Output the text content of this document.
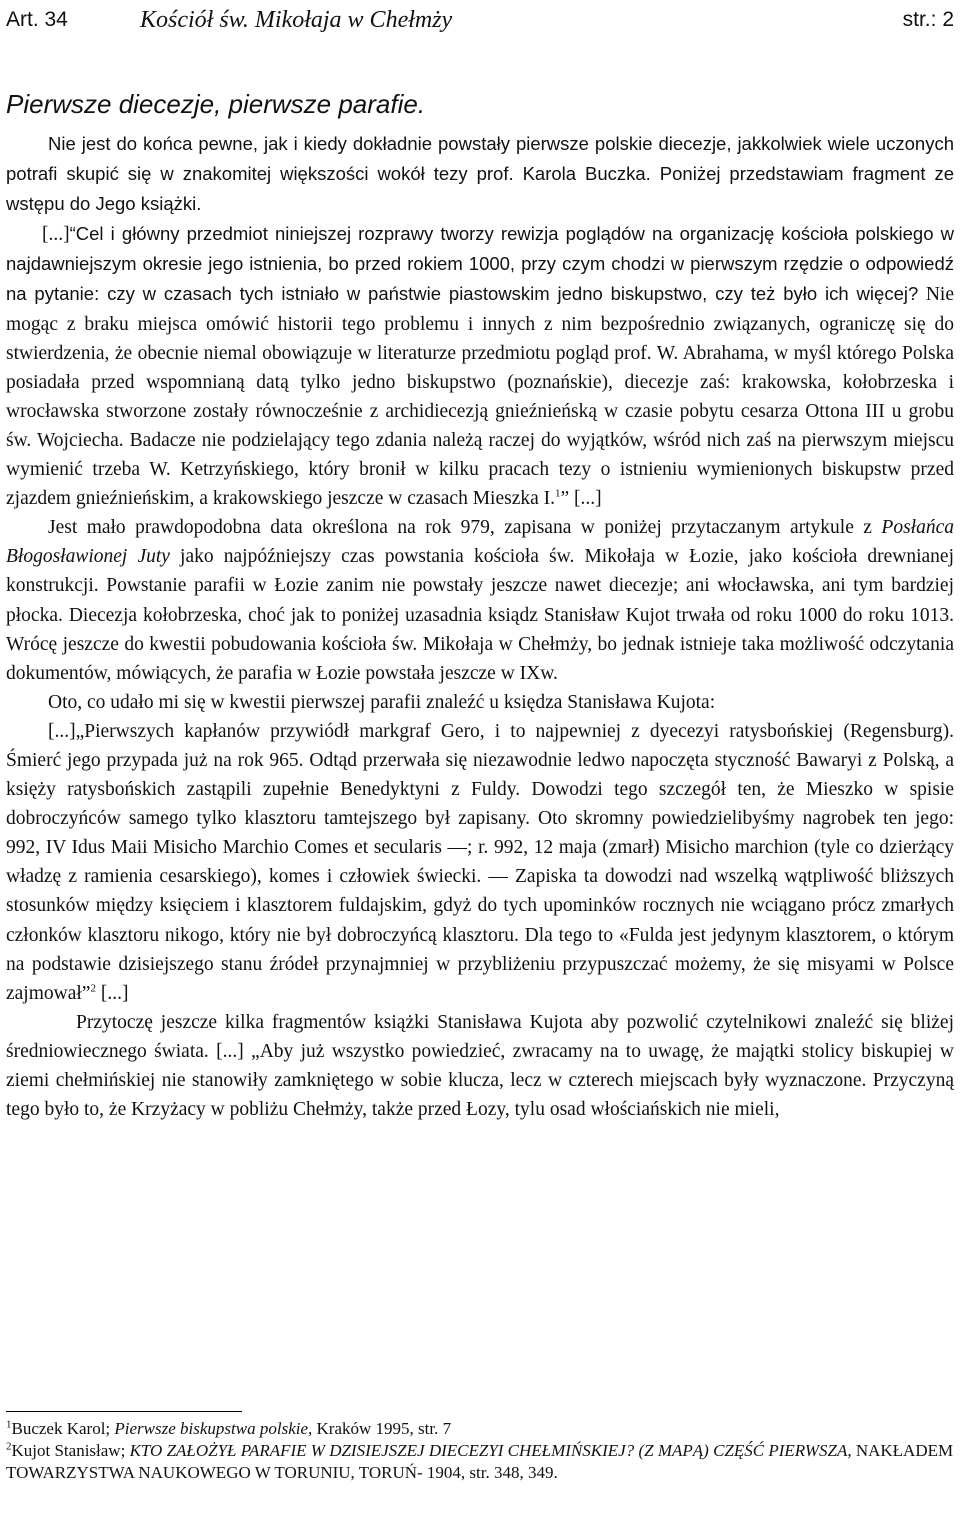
Art. 34	Kościół św. Mikołaja w Chełmży	str.: 2
Pierwsze diecezje, pierwsze parafie.

Nie jest do końca pewne, jak i kiedy dokładnie powstały pierwsze polskie diecezje, jakkolwiek wiele uczonych potrafi skupić się w znakomitej większości wokół tezy prof. Karola Buczka. Poniżej przedstawiam fragment ze wstępu do Jego książki.

[...]“Cel i główny przedmiot niniejszej rozprawy tworzy rewizja poglądów na organizację kościoła polskiego w najdawniejszym okresie jego istnienia, bo przed rokiem 1000, przy czym chodzi w pierwszym rzędzie o odpowiedź na pytanie: czy w czasach tych istniało w państwie piastowskim jedno biskupstwo, czy też było ich więcej? Nie mogąc z braku miejsca omówić historii tego problemu i innych z nim bezpośrednio związanych, ograniczę się do stwierdzenia, że obecnie niemal obowiązuje w literaturze przedmiotu pogląd prof. W. Abrahama, w myśl którego Polska posiadała przed wspomnianą datą tylko jedno biskupstwo (poznańskie), diecezje zaś: krakowska, kołobrzeska i wrocławska stworzone zostały równocześnie z archidiecezją gnieźnieńską w czasie pobytu cesarza Ottona III u grobu św. Wojciecha. Badacze nie podzielający tego zdania należą raczej do wyjątków, wśród nich zaś na pierwszym miejscu wymienić trzeba W. Ketrzyńskiego, który bronił w kilku pracach tezy o istnieniu wymienionych biskupstw przed zjazdem gnieźnieńskim, a krakowskiego jeszcze w czasach Mieszka I.$^1$” [...]

Jest mało prawdopodobna data określona na rok 979, zapisana w poniżej przytaczanym artykule z Posłańca Błogosławionej Juty jako najpóźniejszy czas powstania kościoła św. Mikołaja w Łozie, jako kościoła drewnianej konstrukcji. Powstanie parafii w Łozie zanim nie powstały jeszcze nawet diecezje; ani włocławska, ani tym bardziej płocka. Diecezja kołobrzeska, choć jak to poniżej uzasadnia ksiądz Stanisław Kujot trwała od roku 1000 do roku 1013. Wrócę jeszcze do kwestii pobudowania kościoła św. Mikołaja w Chełmży, bo jednak istnieje taka możliwość odczytania dokumentów, mówiących, że parafia w Łozie powstała jeszcze w IXw.

Oto, co udało mi się w kwestii pierwszej parafii znaleźć u księdza Stanisława Kujota:

[...]„Pierwszych kapłanów przywiódł markgraf Gero, i to najpewniej z dyecezyi ratysbońskiej (Regensburg). Śmierć jego przypada już na rok 965. Odtąd przerwała się niezawodnie ledwo napoczęta styczność Bawaryi z Polską, a księży ratysbońskich zastąpili zupełnie Benedyktyni z Fuldy. Dowodzi tego szczegół ten, że Mieszko w spisie dobroczyńców samego tylko klasztoru tamtejszego był zapisany. Oto skromny powiedzielibyśmy nagrobek ten jego: 992, IV Idus Maii Misicho Marchio Comes et secularis —; r. 992, 12 maja (zmarł) Misicho marchion (tyle co dzierżący władzę z ramienia cesarskiego), komes i człowiek świecki. — Zapiska ta dowodzi nad wszelką wątpliwość bliższych stosunków między księciem i klasztorem fuldajskim, gdyż do tych upominków rocznych nie wciągano prócz zmarłych członków klasztoru nikogo, który nie był dobroczyńcą klasztoru. Dla tego to «Fulda jest jedynym klasztorem, o którym na podstawie dzisiejszego stanu źródeł przynajmniej w przybliżeniu przypuszczać możemy, że się misyami w Polsce zajmował”$^2$ [...]

Przytoczę jeszcze kilka fragmentów książki Stanisława Kujota aby pozwolić czytelnikowi znaleźć się bliżej średniowiecznego świata. [...] „Aby już wszystko powiedzieć, zwracamy na to uwagę, że majątki stolicy biskupiej w ziemi chełmińskiej nie stanowiły zamkniętego w sobie klucza, lecz w czterech miejscach były wyznaczone. Przyczyną tego było to, że Krzyżacy w pobliżu Chełmży, także przed Łozy, tylu osad włościańskich nie mieli,

$^1$Buczek Karol; Pierwsze biskupstwa polskie, Kraków 1995, str. 7

$^2$Kujot Stanisław; KTO ZAŁOŻYŁ PARAFIE W DZISIEJSZEJ DIECEZYI CHEŁMIŃSKIEJ? (Z MAPĄ) CZĘŚĆ PIERWSZA, NAKŁADEM TOWARZYSTWA NAUKOWEGO W TORUNIU, TORUŃ- 1904, str. 348, 349.
